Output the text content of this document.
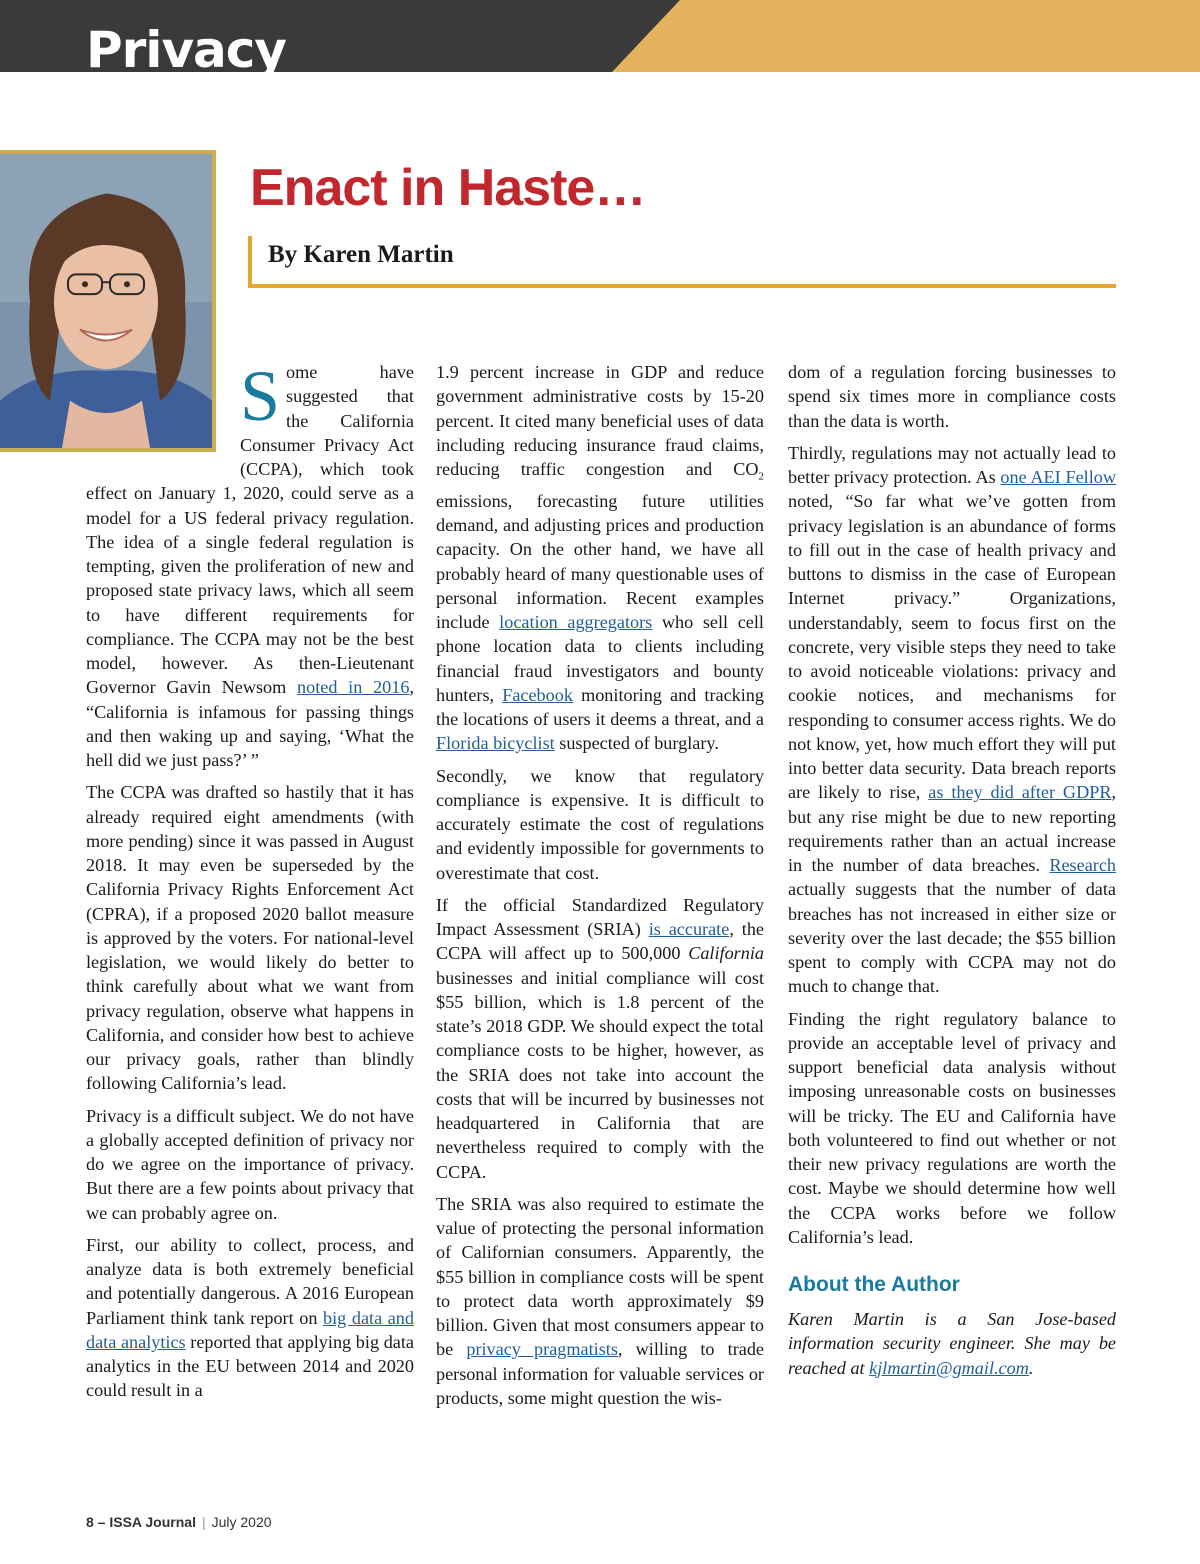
Privacy
Enact in Haste…
By Karen Martin

Some have suggested that the California Consumer Privacy Act (CCPA), which took effect on January 1, 2020, could serve as a model for a US federal privacy regulation. The idea of a single federal regulation is tempting, given the proliferation of new and proposed state privacy laws, which all seem to have different requirements for compliance. The CCPA may not be the best model, however. As then-Lieutenant Governor Gavin Newsom noted in 2016, “California is infamous for passing things and then waking up and saying, ‘What the hell did we just pass?’ ”

The CCPA was drafted so hastily that it has already required eight amendments (with more pending) since it was passed in August 2018. It may even be superseded by the California Privacy Rights Enforcement Act (CPRA), if a proposed 2020 ballot measure is approved by the voters. For national-level legislation, we would likely do better to think carefully about what we want from privacy regulation, observe what happens in California, and consider how best to achieve our privacy goals, rather than blindly following California’s lead.

Privacy is a difficult subject. We do not have a globally accepted definition of privacy nor do we agree on the importance of privacy. But there are a few points about privacy that we can probably agree on.

First, our ability to collect, process, and analyze data is both extremely beneficial and potentially dangerous. A 2016 European Parliament think tank report on big data and data analytics reported that applying big data analytics in the EU between 2014 and 2020 could result in a

1.9 percent increase in GDP and reduce government administrative costs by 15-20 percent. It cited many beneficial uses of data including reducing insurance fraud claims, reducing traffic congestion and $CO_2$ emissions, forecasting future utilities demand, and adjusting prices and production capacity. On the other hand, we have all probably heard of many questionable uses of personal information. Recent examples include location aggregators who sell cell phone location data to clients including financial fraud investigators and bounty hunters, Facebook monitoring and tracking the locations of users it deems a threat, and a Florida bicyclist suspected of burglary.

Secondly, we know that regulatory compliance is expensive. It is difficult to accurately estimate the cost of regulations and evidently impossible for governments to overestimate that cost.

If the official Standardized Regulatory Impact Assessment (SRIA) is accurate, the CCPA will affect up to 500,000 California businesses and initial compliance will cost $55 billion, which is 1.8 percent of the state’s 2018 GDP. We should expect the total compliance costs to be higher, however, as the SRIA does not take into account the costs that will be incurred by businesses not headquartered in California that are nevertheless required to comply with the CCPA.

The SRIA was also required to estimate the value of protecting the personal information of Californian consumers. Apparently, the $55 billion in compliance costs will be spent to protect data worth approximately $9 billion. Given that most consumers appear to be privacy pragmatists, willing to trade personal information for valuable services or products, some might question the wis-

dom of a regulation forcing businesses to spend six times more in compliance costs than the data is worth.

Thirdly, regulations may not actually lead to better privacy protection. As one AEI Fellow noted, “So far what we’ve gotten from privacy legislation is an abundance of forms to fill out in the case of health privacy and buttons to dismiss in the case of European Internet privacy.” Organizations, understandably, seem to focus first on the concrete, very visible steps they need to take to avoid noticeable violations: privacy and cookie notices, and mechanisms for responding to consumer access rights. We do not know, yet, how much effort they will put into better data security. Data breach reports are likely to rise, as they did after GDPR, but any rise might be due to new reporting requirements rather than an actual increase in the number of data breaches. Research actually suggests that the number of data breaches has not increased in either size or severity over the last decade; the $55 billion spent to comply with CCPA may not do much to change that.

Finding the right regulatory balance to provide an acceptable level of privacy and support beneficial data analysis without imposing unreasonable costs on businesses will be tricky. The EU and California have both volunteered to find out whether or not their new privacy regulations are worth the cost. Maybe we should determine how well the CCPA works before we follow California’s lead.

About the Author

Karen Martin is a San Jose-based information security engineer. She may be reached at kjlmartin@gmail.com.

8 – ISSA Journal | July 2020
